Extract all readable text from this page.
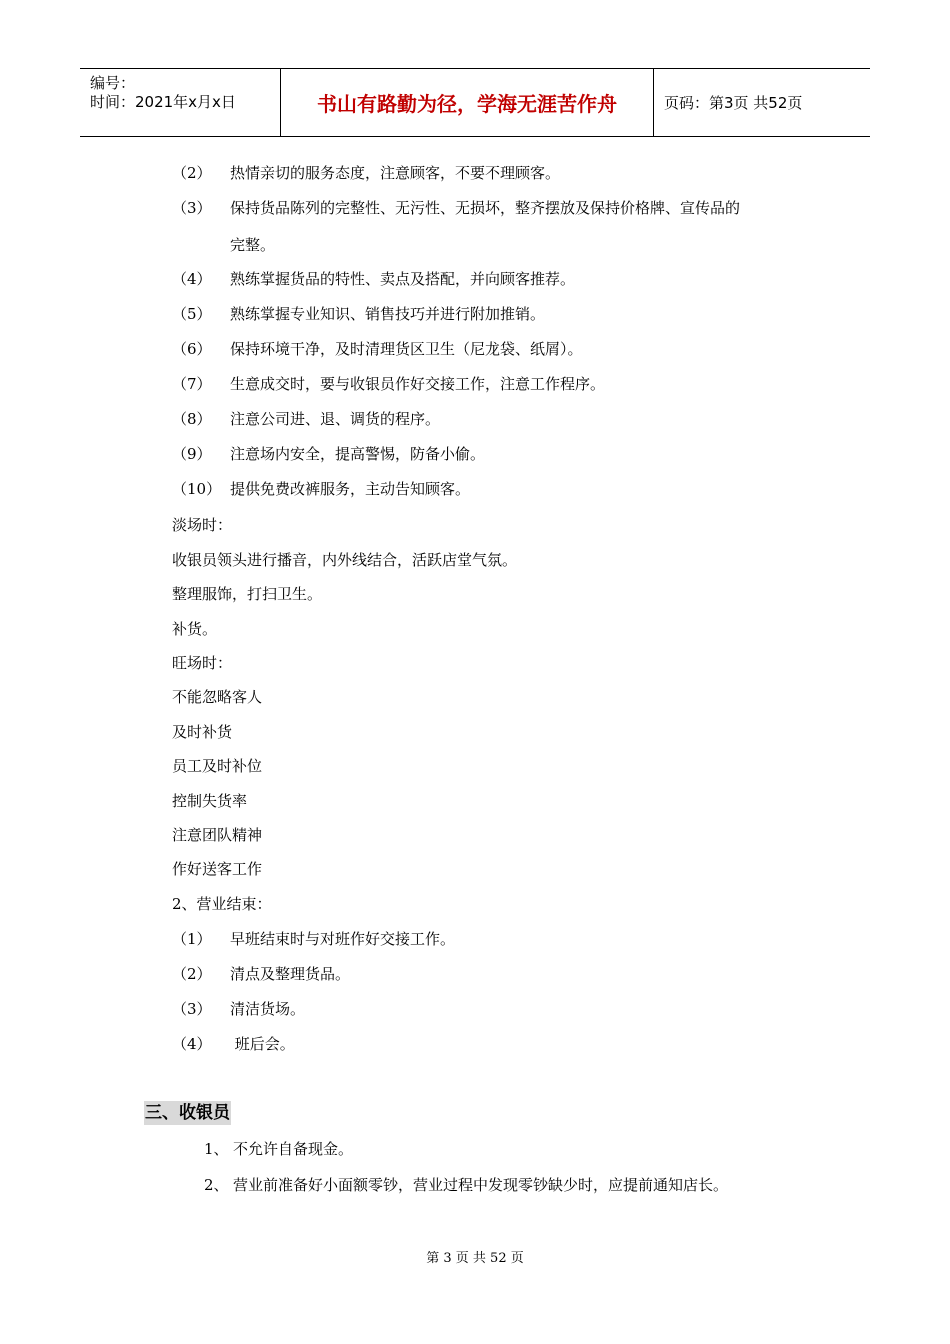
编号：
时间：2021年x月x日	书山有路勤为径，学海无涯苦作舟	页码：第3页 共52页
（2） 热情亲切的服务态度，注意顾客，不要不理顾客。
（3） 保持货品陈列的完整性、无污性、无损坏，整齐摆放及保持价格牌、宣传品的
完整。
（4） 熟练掌握货品的特性、卖点及搭配，并向顾客推荐。
（5） 熟练掌握专业知识、销售技巧并进行附加推销。
（6） 保持环境干净，及时清理货区卫生（尼龙袋、纸屑）。
（7） 生意成交时，要与收银员作好交接工作，注意工作程序。
（8） 注意公司进、退、调货的程序。
（9） 注意场内安全，提高警惕，防备小偷。
（10） 提供免费改裤服务，主动告知顾客。
淡场时：
收银员领头进行播音，内外线结合，活跃店堂气氛。
整理服饰，打扫卫生。
补货。
旺场时：
不能忽略客人
及时补货
员工及时补位
控制失货率
注意团队精神
作好送客工作
2、营业结束：
（1） 早班结束时与对班作好交接工作。
（2） 清点及整理货品。
（3） 清洁货场。
（4） 班后会。
三、收银员
1、 不允许自备现金。
2、 营业前准备好小面额零钞，营业过程中发现零钞缺少时，应提前通知店长。
第 3 页 共 52 页
